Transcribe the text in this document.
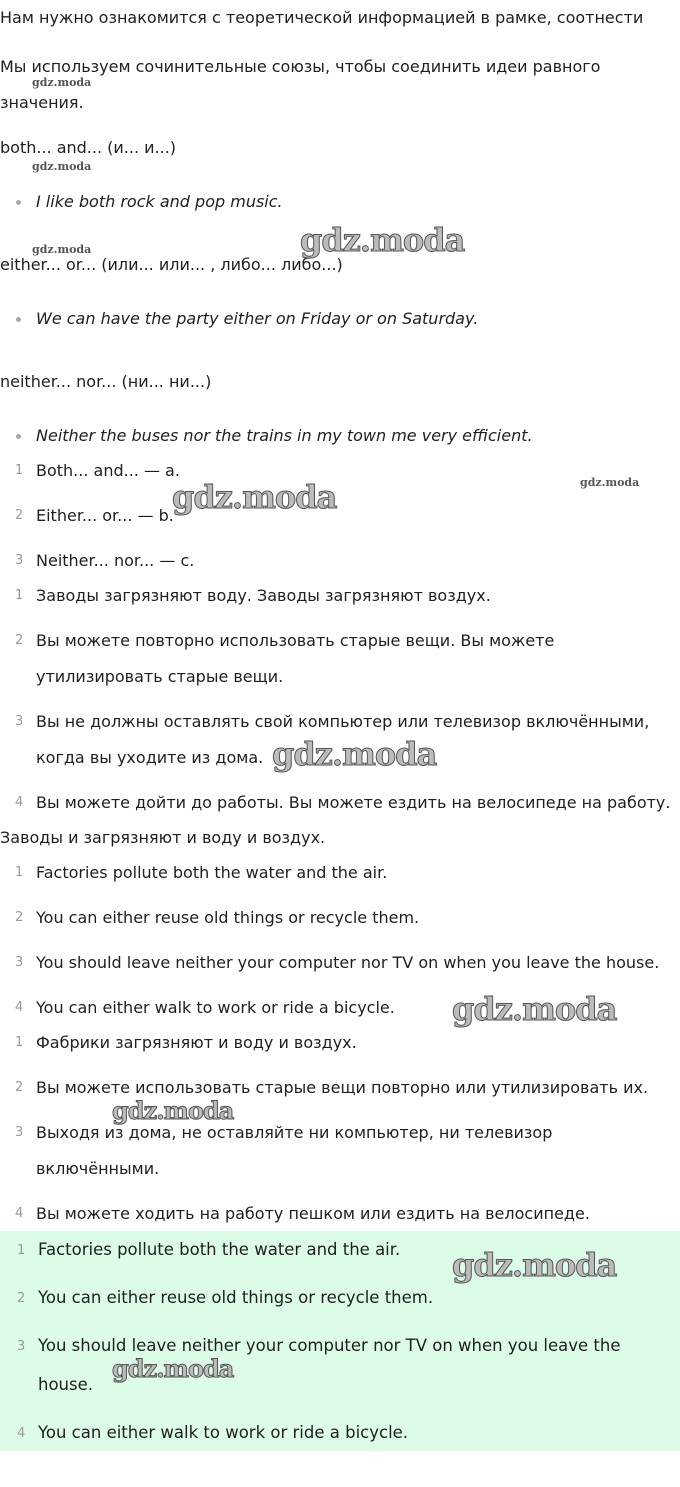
Нам нужно ознакомится с теоретической информацией в рамке, соотнести

Мы используем сочинительные союзы, чтобы соединить идеи равного

значения.

both... and... (и... и...)

I like both rock and pop music.

either... or... (или... или... , либо... либо...)

We can have the party either on Friday or on Saturday.

neither... nor... (ни... ни...)

Neither the buses nor the trains in my town me very efficient.

1 Both... and... — a.

2 Either... or... — b.

3 Neither... nor... — c.

1 Заводы загрязняют воду. Заводы загрязняют воздух.

2 Вы можете повторно использовать старые вещи. Вы можете

утилизировать старые вещи.

3 Вы не должны оставлять свой компьютер или телевизор включёнными,

когда вы уходите из дома.

4 Вы можете дойти до работы. Вы можете ездить на велосипеде на работу.

Заводы и загрязняют и воду и воздух.

1 Factories pollute both the water and the air.

2 You can either reuse old things or recycle them.

3 You should leave neither your computer nor TV on when you leave the house.

4 You can either walk to work or ride a bicycle.

1 Фабрики загрязняют и воду и воздух.

2 Вы можете использовать старые вещи повторно или утилизировать их.

3 Выходя из дома, не оставляйте ни компьютер, ни телевизор

включёнными.

4 Вы можете ходить на работу пешком или ездить на велосипеде.

1 Factories pollute both the water and the air.
2 You can either reuse old things or recycle them.
3 You should leave neither your computer nor TV on when you leave the
house.
4 You can either walk to work or ride a bicycle.
gdz.moda
gdz.moda
gdz.moda
gdz.moda
gdz.moda
gdz.moda
gdz.moda
gdz.moda
gdz.moda
gdz.moda
gdz.moda
